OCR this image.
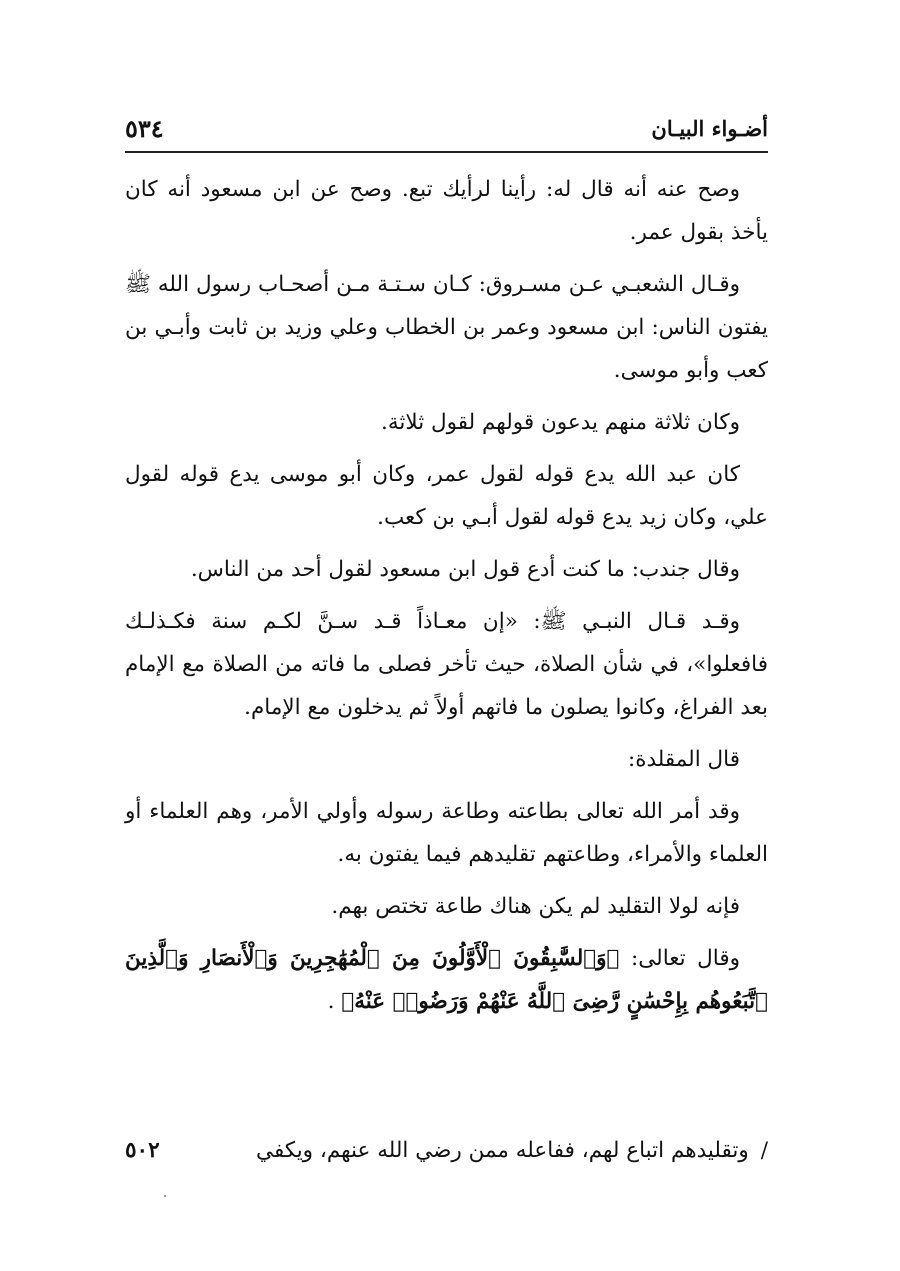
٥٣٤	أضـواء البيـان

وصح عنه أنه قال له: رأينا لرأيك تبع. وصح عن ابن مسعود أنه كان يأخذ بقول عمر.

وقـال الشعبـي عـن مسـروق: كـان سـتـة مـن أصحـاب رسول الله ﷺ يفتون الناس: ابن مسعود وعمر بن الخطاب وعلي وزيد بن ثابت وأبـي بن كعب وأبو موسى.

وكان ثلاثة منهم يدعون قولهم لقول ثلاثة.

كان عبد الله يدع قوله لقول عمر، وكان أبو موسى يدع قوله لقول علي، وكان زيد يدع قوله لقول أبـي بن كعب.

وقال جندب: ما كنت أدع قول ابن مسعود لقول أحد من الناس.

وقـد قـال النبـي ﷺ: «إن معـاذاً قـد سـنَّ لكـم سنة فكـذلـك فافعلوا»، في شأن الصلاة، حيث تأخر فصلى ما فاته من الصلاة مع الإمام بعد الفراغ، وكانوا يصلون ما فاتهم أولاً ثم يدخلون مع الإمام.

قال المقلدة:

وقد أمر الله تعالى بطاعته وطاعة رسوله وأولي الأمر، وهم العلماء أو العلماء والأمراء، وطاعتهم تقليدهم فيما يفتون به.

فإنه لولا التقليد لم يكن هناك طاعة تختص بهم.

وقال تعالى: ﴿وَٱلسَّٰبِقُونَ ٱلْأَوَّلُونَ مِنَ ٱلْمُهَٰجِرِينَ وَٱلْأَنصَارِ وَٱلَّذِينَ ٱتَّبَعُوهُم بِإِحْسَٰنٍ رَّضِىَ ٱللَّهُ عَنْهُمْ وَرَضُوا۟ عَنْهُ﴾ .

٥٠٢	/وتقليدهم اتباع لهم، ففاعله ممن رضي الله عنهم، ويكفي
